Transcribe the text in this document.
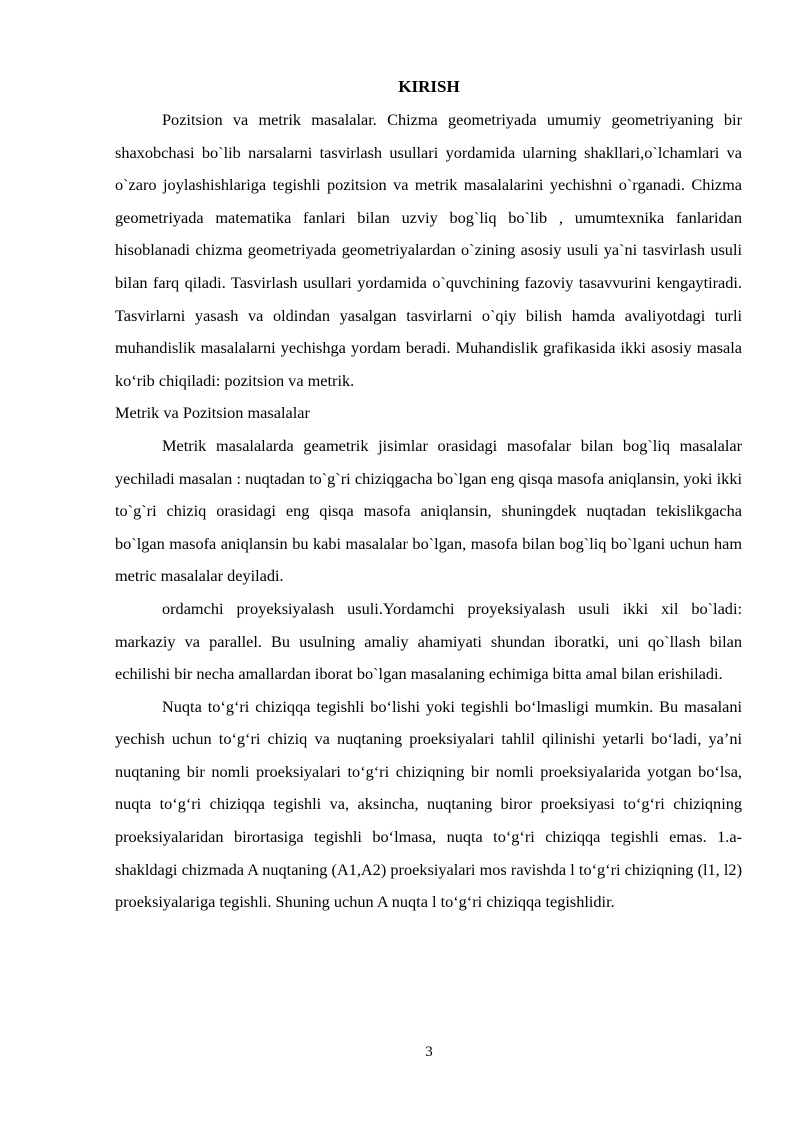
KIRISH

Pozitsion va metrik masalalar. Chizma geometriyada umumiy geometriyaning bir shaxobchasi bo`lib narsalarni tasvirlash usullari yordamida ularning shakllari,o`lchamlari va o`zaro joylashishlariga tegishli pozitsion va metrik masalalarini yechishni o`rganadi. Chizma geometriyada matematika fanlari bilan uzviy bog`liq bo`lib , umumtexnika fanlaridan hisoblanadi chizma geometriyada geometriyalardan o`zining asosiy usuli ya`ni tasvirlash usuli bilan farq qiladi. Tasvirlash usullari yordamida o`quvchining fazoviy tasavvurini kengaytiradi. Tasvirlarni yasash va oldindan yasalgan tasvirlarni o`qiy bilish hamda avaliyotdagi turli muhandislik masalalarni yechishga yordam beradi. Muhandislik grafikasida ikki asosiy masala ko‘rib chiqiladi: pozitsion va metrik.

Metrik va Pozitsion masalalar

Metrik masalalarda geametrik jisimlar orasidagi masofalar bilan bog`liq masalalar yechiladi masalan : nuqtadan to`g`ri chiziqgacha bo`lgan eng qisqa masofa aniqlansin, yoki ikki to`g`ri chiziq orasidagi eng qisqa masofa aniqlansin, shuningdek nuqtadan tekislikgacha bo`lgan masofa aniqlansin bu kabi masalalar bo`lgan, masofa bilan bog`liq bo`lgani uchun ham metric masalalar deyiladi.

ordamchi proyeksiyalash usuli.Yordamchi proyeksiyalash usuli ikki xil bo`ladi: markaziy va parallel. Bu usulning amaliy ahamiyati shundan iboratki, uni qo`llash bilan echilishi bir necha amallardan iborat bo`lgan masalaning echimiga bitta amal bilan erishiladi.

Nuqta to‘g‘ri chiziqqa tegishli bo‘lishi yoki tegishli bo‘lmasligi mumkin. Bu masalani yechish uchun to‘g‘ri chiziq va nuqtaning proeksiyalari tahlil qilinishi yetarli bo‘ladi, ya’ni nuqtaning bir nomli proeksiyalari to‘g‘ri chiziqning bir nomli proeksiyalarida yotgan bo‘lsa, nuqta to‘g‘ri chiziqqa tegishli va, aksincha, nuqtaning biror proeksiyasi to‘g‘ri chiziqning proeksiyalaridan birortasiga tegishli bo‘lmasa, nuqta to‘g‘ri chiziqqa tegishli emas. 1.a-shakldagi chizmada A nuqtaning (A1,A2) proeksiyalari mos ravishda l to‘g‘ri chiziqning (l1, l2) proeksiyalariga tegishli. Shuning uchun A nuqta l to‘g‘ri chiziqqa tegishlidir.

3
